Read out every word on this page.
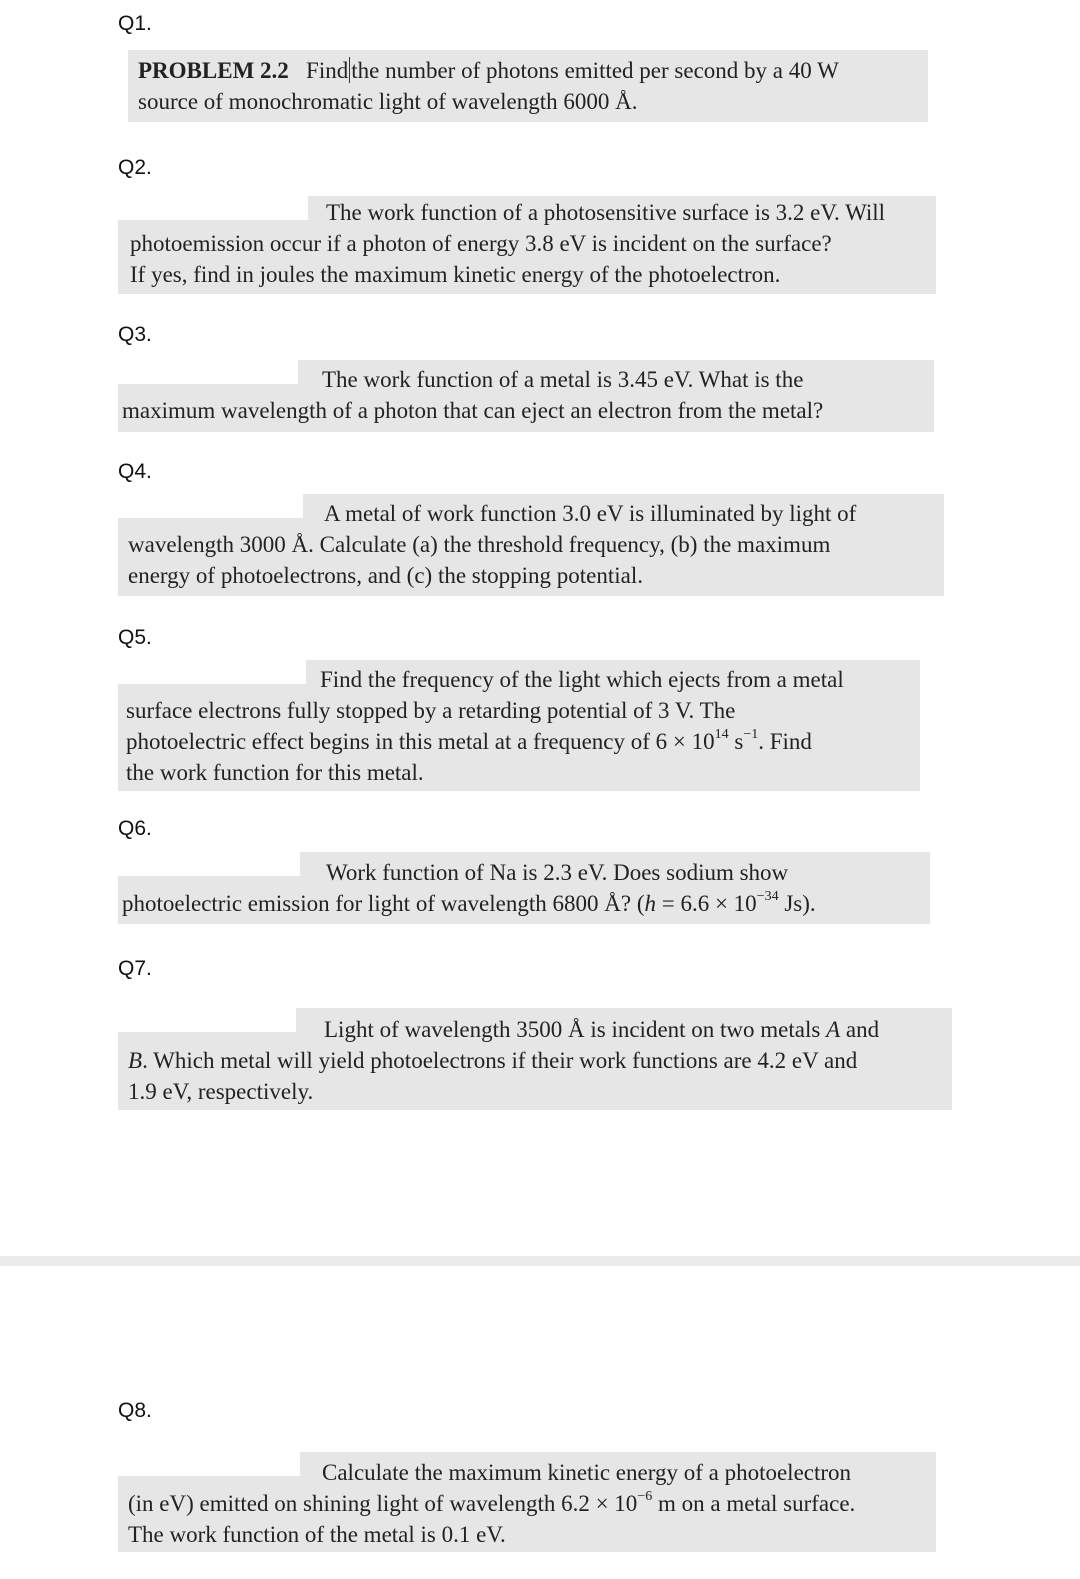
Q1.

PROBLEM 2.2 Find the number of photons emitted per second by a 40 W
source of monochromatic light of wavelength 6000 Å.

Q2.

The work function of a photosensitive surface is 3.2 eV. Will
photoemission occur if a photon of energy 3.8 eV is incident on the surface?
If yes, find in joules the maximum kinetic energy of the photoelectron.

Q3.

The work function of a metal is 3.45 eV. What is the
maximum wavelength of a photon that can eject an electron from the metal?

Q4.

A metal of work function 3.0 eV is illuminated by light of
wavelength 3000 Å. Calculate (a) the threshold frequency, (b) the maximum
energy of photoelectrons, and (c) the stopping potential.

Q5.

Find the frequency of the light which ejects from a metal
surface electrons fully stopped by a retarding potential of 3 V. The
photoelectric effect begins in this metal at a frequency of $6 \times 10^{14}$ $s^{-1}$. Find
the work function for this metal.

Q6.

Work function of Na is 2.3 eV. Does sodium show
photoelectric emission for light of wavelength 6800 Å? ($h = 6.6 \times 10^{-34}$ Js).

Q7.

Light of wavelength 3500 Å is incident on two metals A and
B. Which metal will yield photoelectrons if their work functions are 4.2 eV and
1.9 eV, respectively.

Q8.

Calculate the maximum kinetic energy of a photoelectron
(in eV) emitted on shining light of wavelength $6.2 \times 10^{-6}$ m on a metal surface.
The work function of the metal is 0.1 eV.
